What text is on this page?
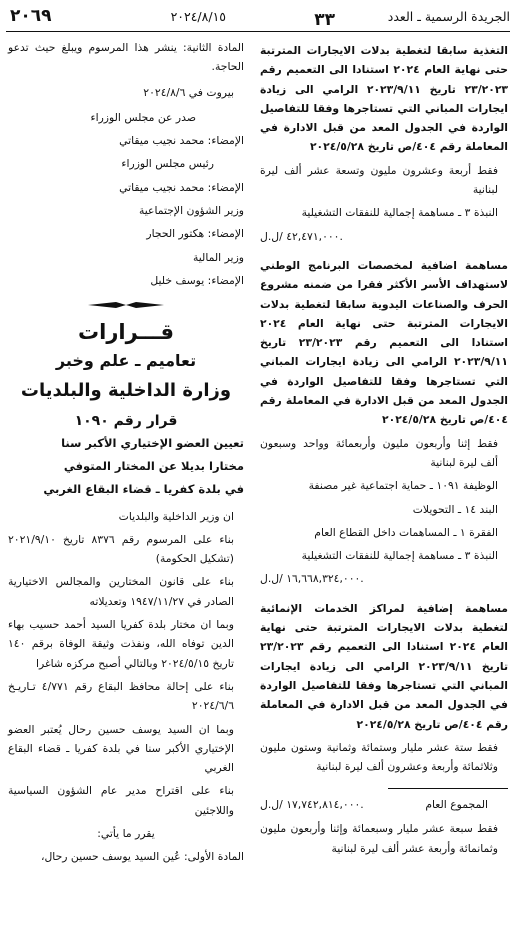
الجريدة الرسمية ـ العدد
٣٣
٢٠٢٤/٨/١٥
٢٠٦٩

التغذية سابقا لتغطية بدلات الايجارات المترتبة حتى نهاية العام ٢٠٢٤ استنادا الى التعميم رقم ٢٣/٢٠٢٣ تاريخ ٢٠٢٣/٩/١١ الرامي الى زيادة ايجارات المباني التي تستاجرها وفقا للتفاصيل الواردة في الجدول المعد من قبل الادارة في المعاملة رقم ٤٠٤/ص تاريخ ٢٠٢٤/٥/٢٨

فقط أربعة وعشرون مليون وتسعة عشر ألف ليرة لبنانية

النبذة ٣ ـ مساهمة إجمالية للنفقات التشغيلية

٤٢,٤٧١,٠٠٠ /ل.ل.

مساهمة اضافية لمخصصات البرنامج الوطني لاستهداف الأسر الأكثر فقرا من ضمنه مشروع الحرف والصناعات اليدوية سابقا لتغطية بدلات الايجارات المترتبة حتى نهاية العام ٢٠٢٤ استنادا الى التعميم رقم ٢٣/٢٠٢٣ تاريخ ٢٠٢٣/٩/١١ الرامي الى زيادة ايجارات المباني التي تستاجرها وفقا للتفاصيل الواردة في الجدول المعد من قبل الادارة في المعاملة رقم ٤٠٤/ص تاريخ ٢٠٢٤/٥/٢٨

فقط إثنا وأربعون مليون وأربعمائة وواحد وسبعون ألف ليرة لبنانية

الوظيفة ١٠٩١ ـ حماية اجتماعية غير مصنفة

البند ١٤ ـ التحويلات

الفقرة ١ ـ المساهمات داخل القطاع العام

النبذة ٣ ـ مساهمة إجمالية للنفقات التشغيلية

١٦,٦٦٨,٣٢٤,٠٠٠ /ل.ل.

مساهمة إضافية لمراكز الخدمات الإنمائية لتغطية بدلات الايجارات المترتبة حتى نهاية العام ٢٠٢٤ استنادا الى التعميم رقم ٢٣/٢٠٢٣ تاريخ ٢٠٢٣/٩/١١ الرامي الى زيادة ايجارات المباني التي تستاجرها وفقا للتفاصيل الواردة في الجدول المعد من قبل الادارة في المعاملة رقم ٤٠٤/ص تاريخ ٢٠٢٤/٥/٢٨

فقط ستة عشر مليار وستمائة وثمانية وستون مليون وثلاثمائة وأربعة وعشرون ألف ليرة لبنانية

المجموع العام
١٧,٧٤٢,٨١٤,٠٠٠ /ل.ل.

فقط سبعة عشر مليار وسبعمائة وإثنا وأربعون مليون وثمانمائة وأربعة عشر ألف ليرة لبنانية

المادة الثانية: ينشر هذا المرسوم ويبلغ حيث تدعو الحاجة.

بيروت في ٢٠٢٤/٨/٦

صدر عن مجلس الوزراء

الإمضاء: محمد نجيب ميقاتي

رئيس مجلس الوزراء

الإمضاء: محمد نجيب ميقاتي

وزير الشؤون الإجتماعية

الإمضاء: هكتور الحجار

وزير المالية

الإمضاء: يوسف خليل

قـــرارات
تعاميم ـ علم وخبر
وزارة الداخلية والبلديات
قرار رقم ١٠٩٠

تعيين العضو الإختياري الأكبر سنا

مختارا بديلا عن المختار المتوفي

في بلدة كفريا ـ قضاء البقاع الغربي

ان وزير الداخلية والبلديات

بناء على المرسوم رقم ٨٣٧٦ تاريخ ٢٠٢١/٩/١٠ (تشكيل الحكومة)

بناء على قانون المختارين والمجالس الاختيارية الصادر في ١٩٤٧/١١/٢٧ وتعديلاته

وبما ان مختار بلدة كفريا السيد أحمد حسيب بهاء الدين توفاه الله، ونفذت وثيقة الوفاة برقم ١٤٠ تاريخ ٢٠٢٤/٥/١٥ وبالتالي أصبح مركزه شاغرا

بناء على إحالة محافظ البقاع رقم ٤/٧٧١ تـاريـخ ٢٠٢٤/٦/٦

وبما ان السيد يوسف حسين رحال يُعتبر العضو الإختياري الأكبر سنا في بلدة كفريا ـ قضاء البقاع الغربي

بناء على اقتراح مدير عام الشؤون السياسية واللاجئين

يقرر ما يأتي:

المادة الأولى: عُين السيد يوسف حسين رحال،
